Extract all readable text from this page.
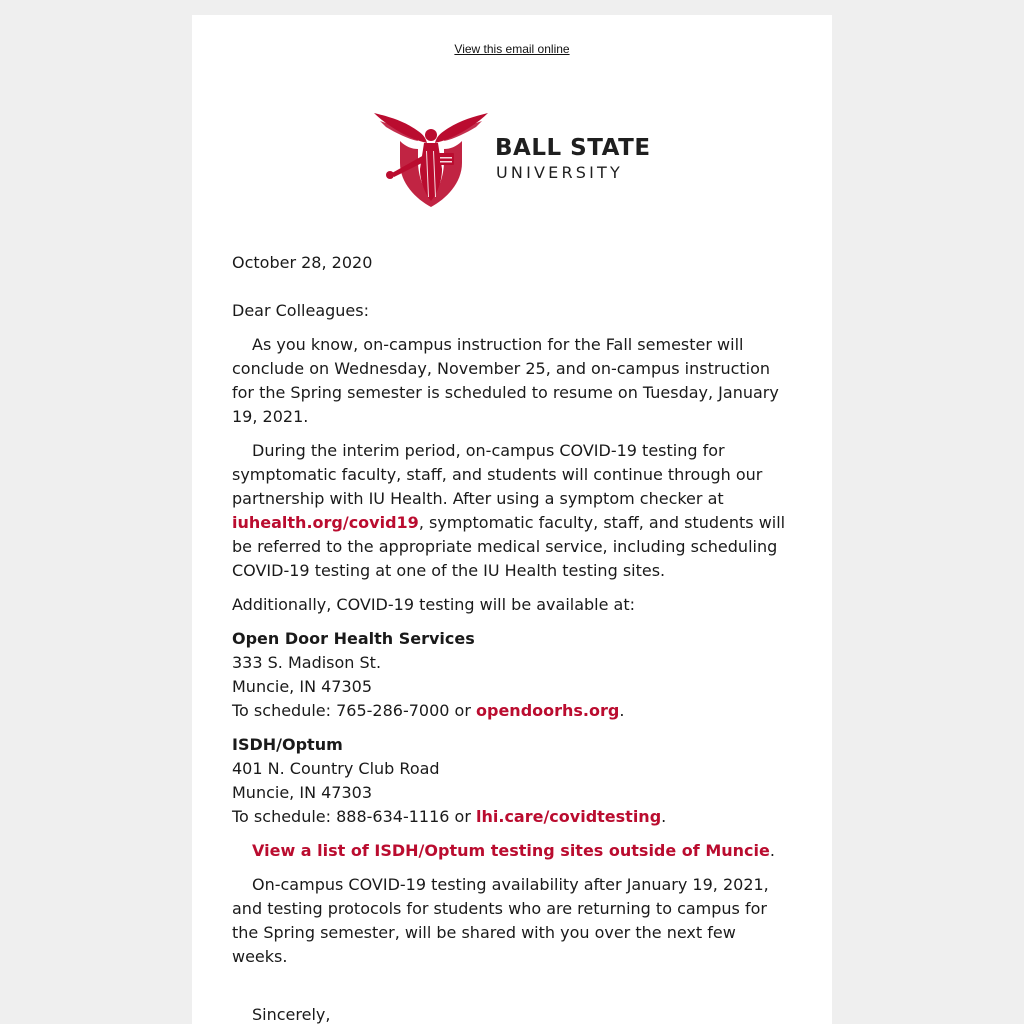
View this email online
BALL STATE
UNIVERSITY

October 28, 2020

Dear Colleagues:

As you know, on-campus instruction for the Fall semester will conclude on Wednesday, November 25, and on-campus instruction for the Spring semester is scheduled to resume on Tuesday, January 19, 2021.

During the interim period, on-campus COVID-19 testing for symptomatic faculty, staff, and students will continue through our partnership with IU Health. After using a symptom checker at iuhealth.org/covid19, symptomatic faculty, staff, and students will be referred to the appropriate medical service, including scheduling COVID-19 testing at one of the IU Health testing sites.

Additionally, COVID-19 testing will be available at:

Open Door Health Services
333 S. Madison St.
Muncie, IN 47305
To schedule: 765-286-7000 or opendoorhs.org.

ISDH/Optum
401 N. Country Club Road
Muncie, IN 47303
To schedule: 888-634-1116 or lhi.care/covidtesting.

View a list of ISDH/Optum testing sites outside of Muncie.

On-campus COVID-19 testing availability after January 19, 2021, and testing protocols for students who are returning to campus for the Spring semester, will be shared with you over the next few weeks.

Sincerely,
